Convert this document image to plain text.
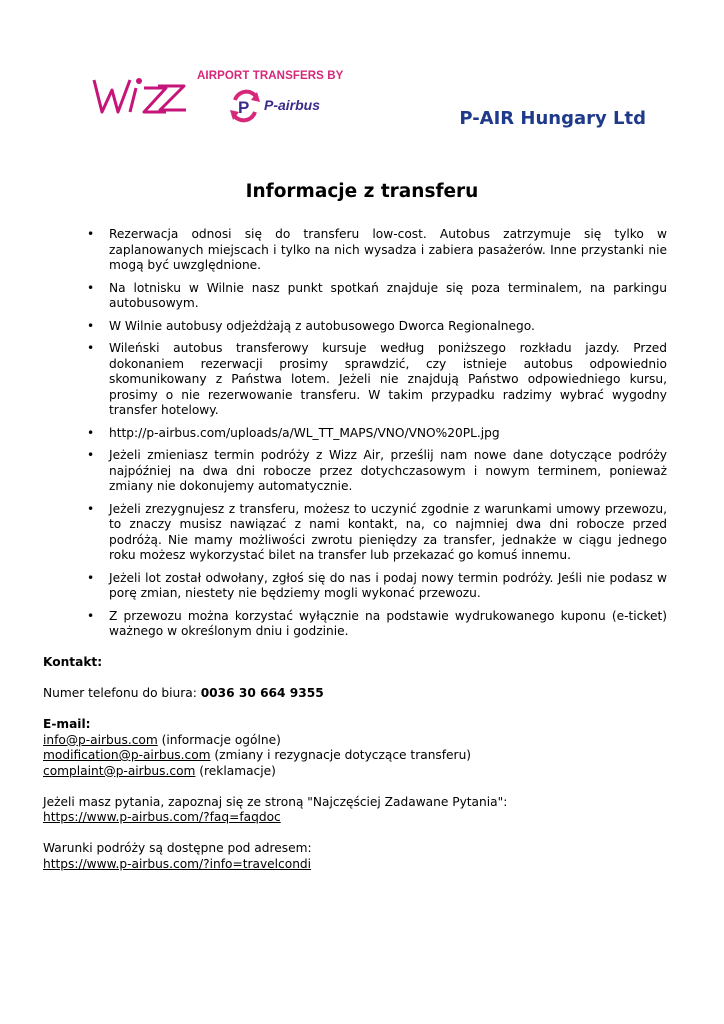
AIRPORT TRANSFERS BY
P P-airbus
P-AIR Hungary Ltd
Informacje z transferu
• Rezerwacja odnosi się do transferu low-cost. Autobus zatrzymuje się tylko w zaplanowanych miejscach i tylko na nich wysadza i zabiera pasażerów. Inne przystanki nie mogą być uwzględnione.
• Na lotnisku w Wilnie nasz punkt spotkań znajduje się poza terminalem, na parkingu autobusowym.
• W Wilnie autobusy odjeżdżają z autobusowego Dworca Regionalnego.
• Wileński autobus transferowy kursuje według poniższego rozkładu jazdy. Przed dokonaniem rezerwacji prosimy sprawdzić, czy istnieje autobus odpowiednio skomunikowany z Państwa lotem. Jeżeli nie znajdują Państwo odpowiedniego kursu, prosimy o nie rezerwowanie transferu. W takim przypadku radzimy wybrać wygodny transfer hotelowy.
• http://p-airbus.com/uploads/a/WL_TT_MAPS/VNO/VNO%20PL.jpg
• Jeżeli zmieniasz termin podróży z Wizz Air, prześlij nam nowe dane dotyczące podróży najpóźniej na dwa dni robocze przez dotychczasowym i nowym terminem, ponieważ zmiany nie dokonujemy automatycznie.
• Jeżeli zrezygnujesz z transferu, możesz to uczynić zgodnie z warunkami umowy przewozu, to znaczy musisz nawiązać z nami kontakt, na, co najmniej dwa dni robocze przed podróżą. Nie mamy możliwości zwrotu pieniędzy za transfer, jednakże w ciągu jednego roku możesz wykorzystać bilet na transfer lub przekazać go komuś innemu.
• Jeżeli lot został odwołany, zgłoś się do nas i podaj nowy termin podróży. Jeśli nie podasz w porę zmian, niestety nie będziemy mogli wykonać przewozu.
• Z przewozu można korzystać wyłącznie na podstawie wydrukowanego kuponu (e-ticket) ważnego w określonym dniu i godzinie.

Kontakt:

Numer telefonu do biura: 0036 30 664 9355

E-mail:

info@p-airbus.com (informacje ogólne)

modification@p-airbus.com (zmiany i rezygnacje dotyczące transferu)

complaint@p-airbus.com (reklamacje)

Jeżeli masz pytania, zapoznaj się ze stroną "Najczęściej Zadawane Pytania":

https://www.p-airbus.com/?faq=faqdoc

Warunki podróży są dostępne pod adresem:

https://www.p-airbus.com/?info=travelcondi
